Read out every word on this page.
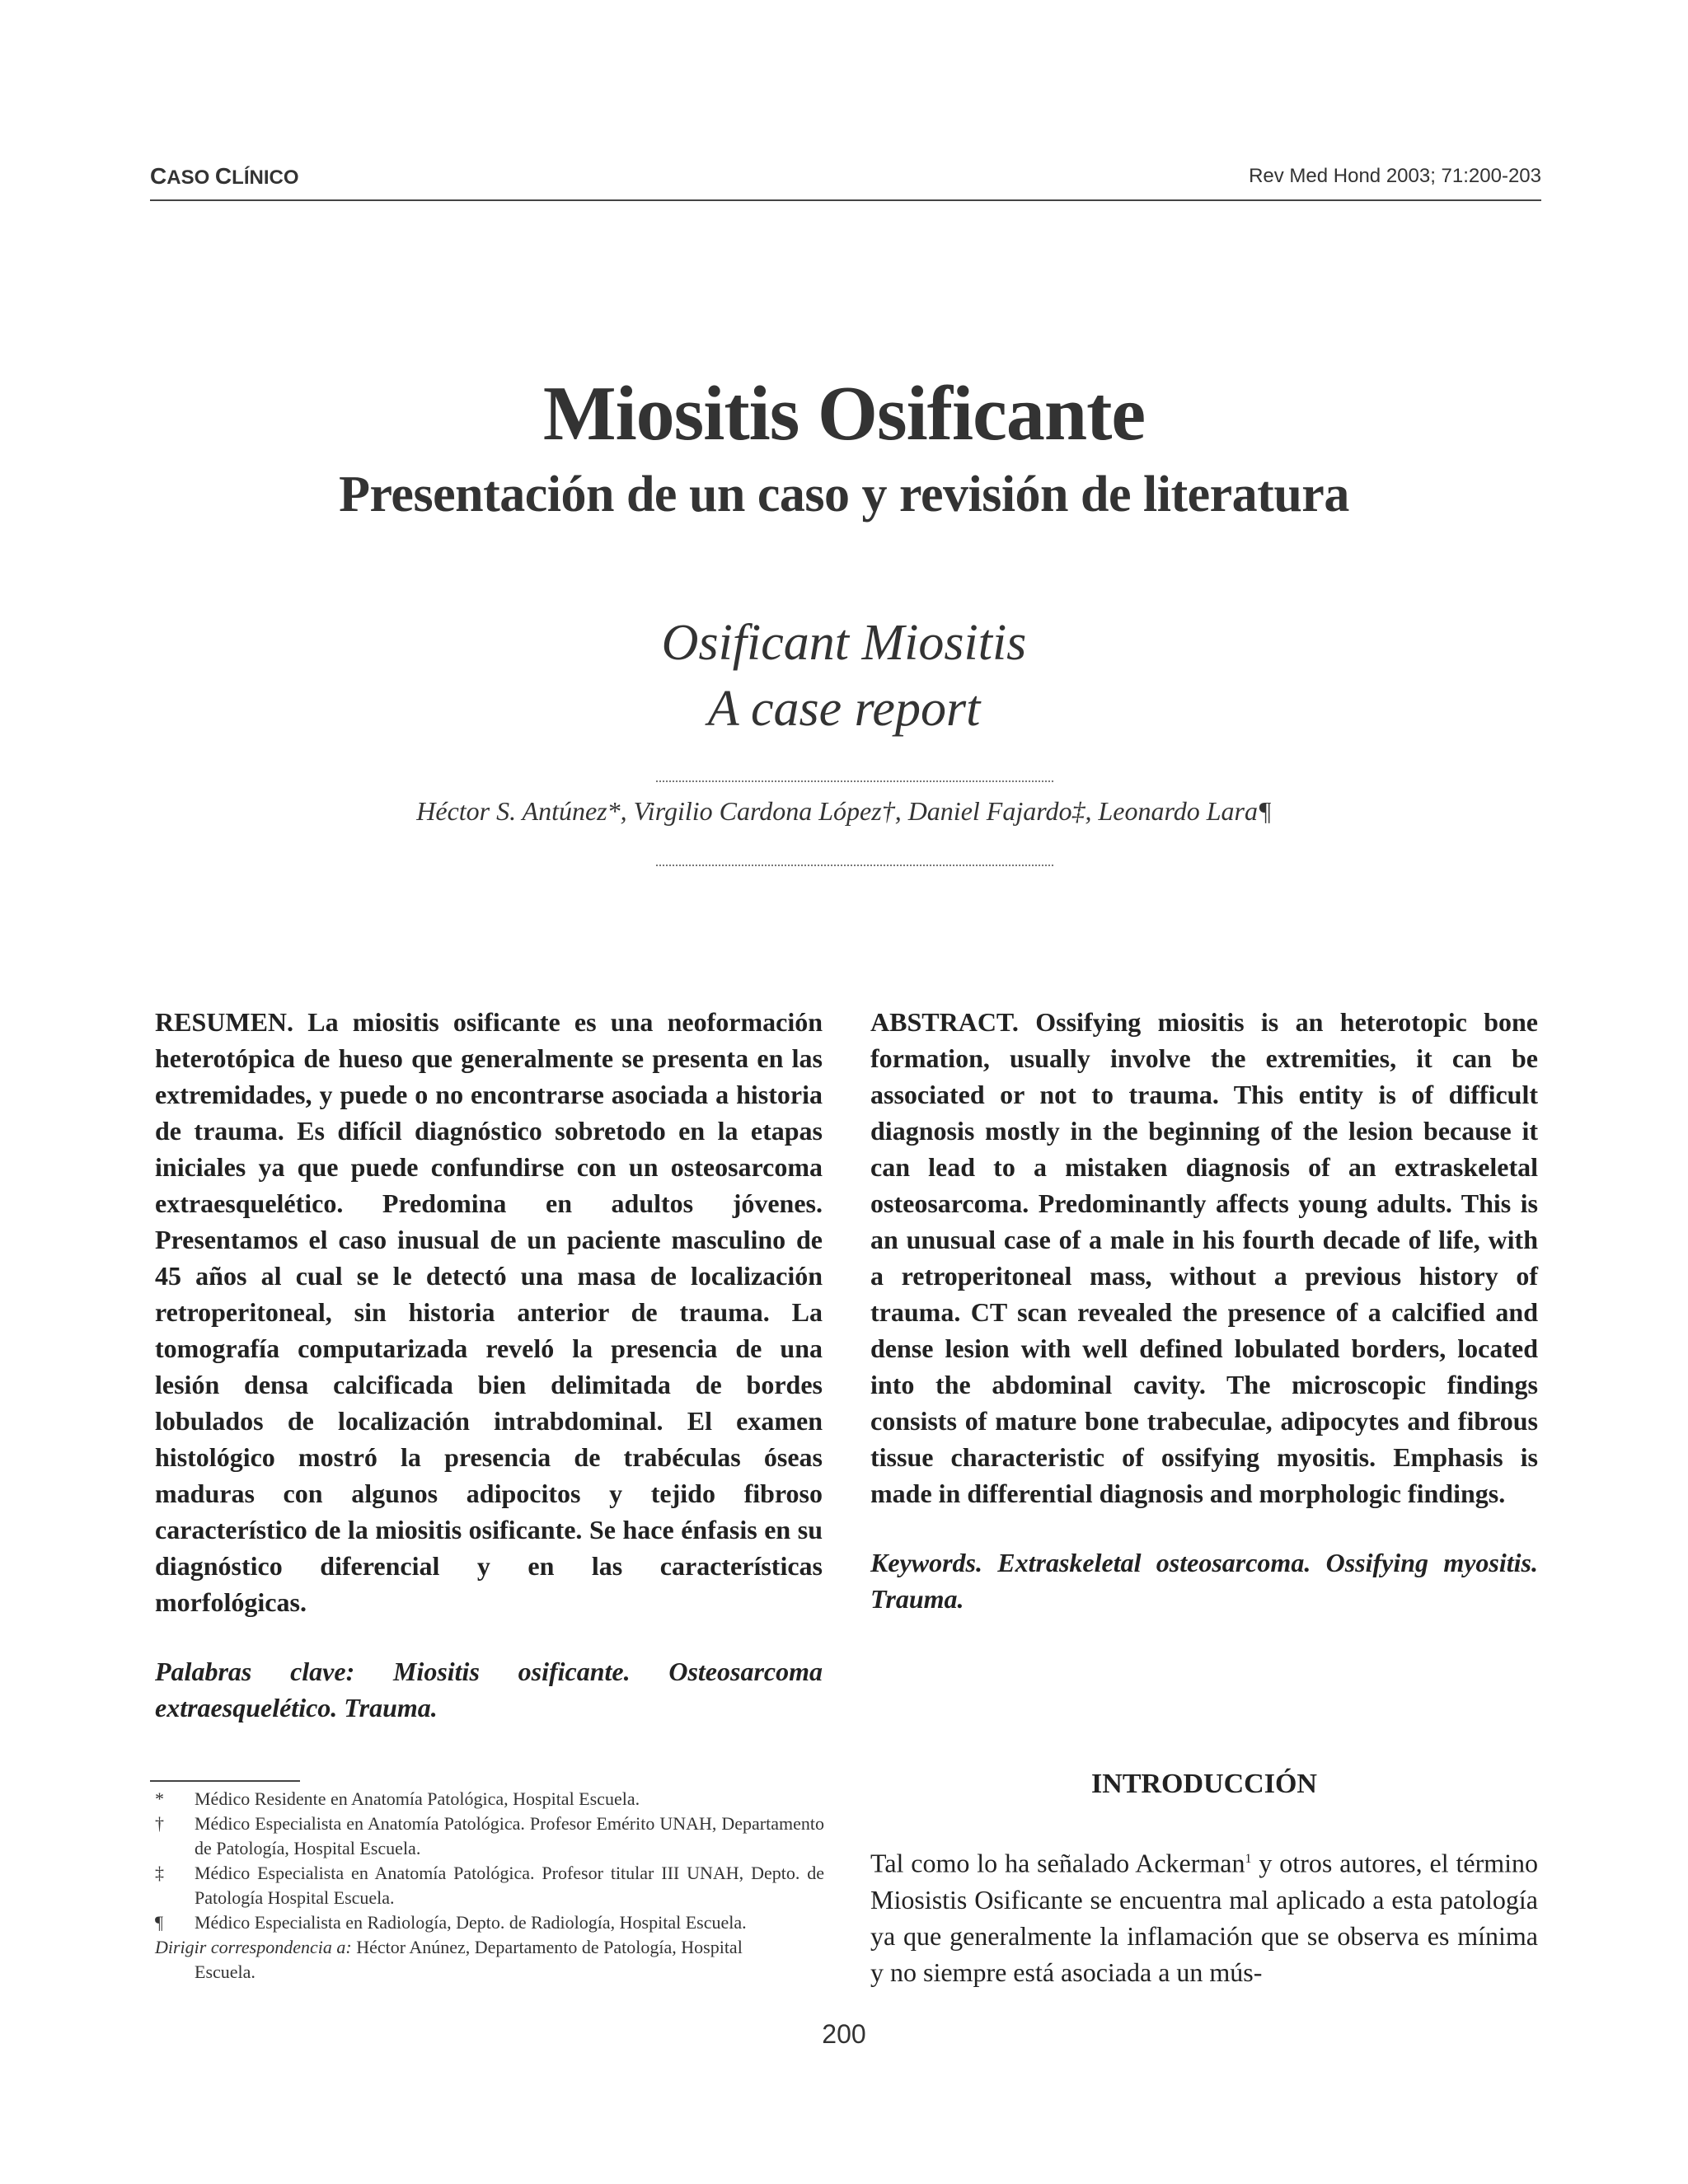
CASO CLÍNICO	Rev Med Hond 2003; 71:200-203
Miositis Osificante
Presentación de un caso y revisión de literatura
Osificant Miositis
A case report
Héctor S. Antúnez*, Virgilio Cardona López†, Daniel Fajardo‡, Leonardo Lara¶
RESUMEN. La miositis osificante es una neoformación heterotópica de hueso que generalmente se presenta en las extremidades, y puede o no encontrarse asociada a historia de trauma. Es difícil diagnóstico sobretodo en la etapas iniciales ya que puede confundirse con un osteosarcoma extraesquelético. Predomina en adultos jóvenes. Presentamos el caso inusual de un paciente masculino de 45 años al cual se le detectó una masa de localización retroperitoneal, sin historia anterior de trauma. La tomografía computarizada reveló la presencia de una lesión densa calcificada bien delimitada de bordes lobulados de localización intrabdominal. El examen histológico mostró la presencia de trabéculas óseas maduras con algunos adipocitos y tejido fibroso característico de la miositis osificante. Se hace énfasis en su diagnóstico diferencial y en las características morfológicas.
Palabras clave: Miositis osificante. Osteosarcoma extraesquelético. Trauma.
ABSTRACT. Ossifying miositis is an heterotopic bone formation, usually involve the extremities, it can be associated or not to trauma. This entity is of difficult diagnosis mostly in the beginning of the lesion because it can lead to a mistaken diagnosis of an extraskeletal osteosarcoma. Predominantly affects young adults. This is an unusual case of a male in his fourth decade of life, with a retroperitoneal mass, without a previous history of trauma. CT scan revealed the presence of a calcified and dense lesion with well defined lobulated borders, located into the abdominal cavity. The microscopic findings consists of mature bone trabeculae, adipocytes and fibrous tissue characteristic of ossifying myositis. Emphasis is made in differential diagnosis and morphologic findings.
Keywords. Extraskeletal osteosarcoma. Ossifying myositis. Trauma.
* Médico Residente en Anatomía Patológica, Hospital Escuela.
† Médico Especialista en Anatomía Patológica. Profesor Emérito UNAH, Departamento de Patología, Hospital Escuela.
‡ Médico Especialista en Anatomía Patológica. Profesor titular III UNAH, Depto. de Patología Hospital Escuela.
¶ Médico Especialista en Radiología, Depto. de Radiología, Hospital Escuela.
Dirigir correspondencia a: Héctor Anúnez, Departamento de Patología, Hospital
Escuela.
INTRODUCCIÓN
Tal como lo ha señalado Ackerman$^1$ y otros autores, el término Miosistis Osificante se encuentra mal aplicado a esta patología ya que generalmente la inflamación que se observa es mínima y no siempre está asociada a un mús-
200
